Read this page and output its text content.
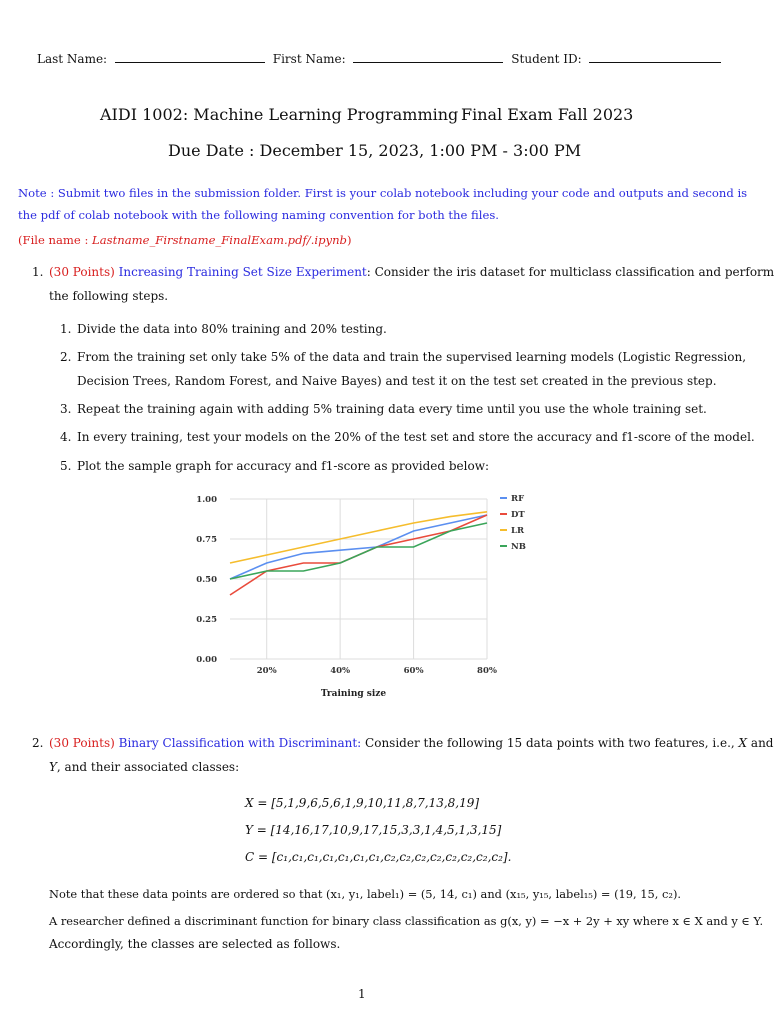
Last Name:	First Name:	Student ID:
AIDI 1002: Machine Learning Programming Final Exam Fall 2023
Due Date : December 15, 2023, 1:00 PM - 3:00 PM
Note : Submit two files in the submission folder. First is your colab notebook including your code and outputs and second is
the pdf of colab notebook with the following naming convention for both the files.
(File name : Lastname_Firstname_FinalExam.pdf/.ipynb)
1. (30 Points) Increasing Training Set Size Experiment: Consider the iris dataset for multiclass classification and perform
the following steps.
1. Divide the data into 80% training and 20% testing.
2. From the training set only take 5% of the data and train the supervised learning models (Logistic Regression,
Decision Trees, Random Forest, and Naive Bayes) and test it on the test set created in the previous step.
3. Repeat the training again with adding 5% training data every time until you use the whole training set.
4. In every training, test your models on the 20% of the test set and store the accuracy and f1-score of the model.
5. Plot the sample graph for accuracy and f1-score as provided below:
0.00
0.25
0.50
0.75
1.00
20%	40%	60%	80%
Training size
RF
DT
LR
NB
2. (30 Points) Binary Classification with Discriminant: Consider the following 15 data points with two features, i.e., X and
Y, and their associated classes:
X = [5,1,9,6,5,6,1,9,10,11,8,7,13,8,19]
Y = [14,16,17,10,9,17,15,3,3,1,4,5,1,3,15]
C = [c₁,c₁,c₁,c₁,c₁,c₁,c₁,c₂,c₂,c₂,c₂,c₂,c₂,c₂,c₂].
Note that these data points are ordered so that (x₁, y₁, label₁) = (5, 14, c₁) and (x₁₅, y₁₅, label₁₅) = (19, 15, c₂).
A researcher defined a discriminant function for binary class classification as g(x, y) = −x + 2y + xy where x ∈ X and y ∈ Y.
Accordingly, the classes are selected as follows.
1
